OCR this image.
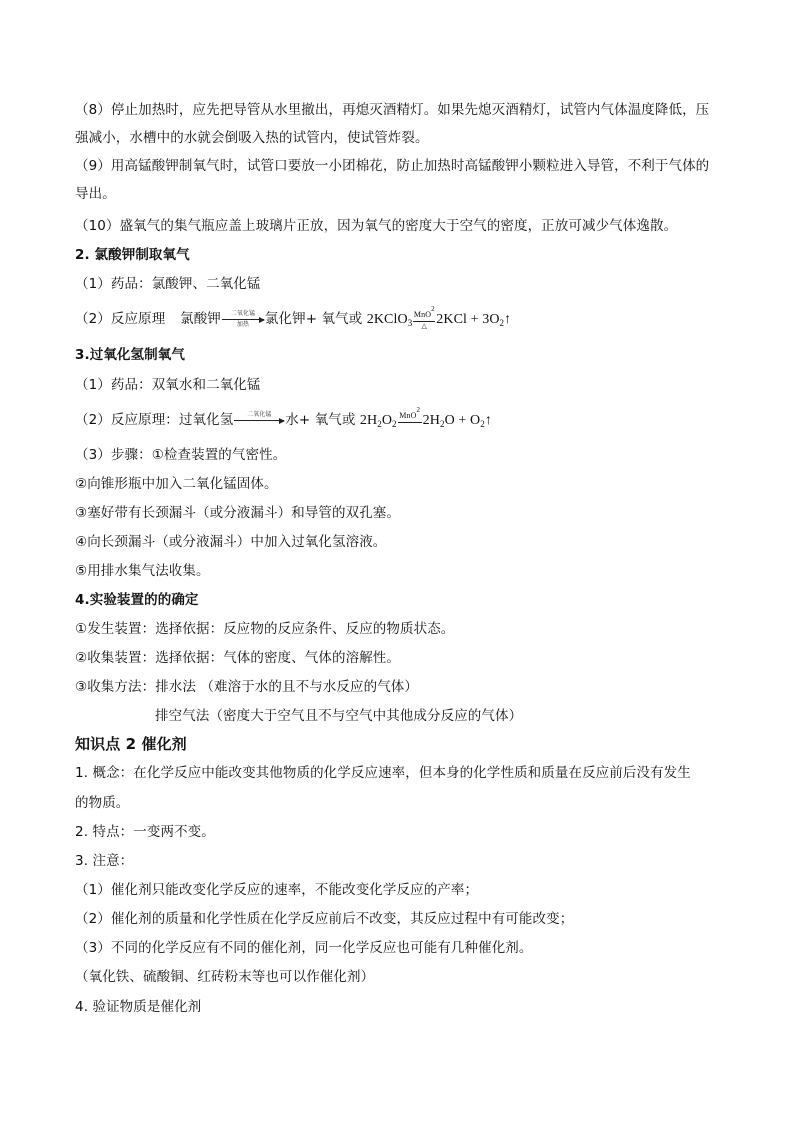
（8）停止加热时，应先把导管从水里撤出，再熄灭酒精灯。如果先熄灭酒精灯，试管内气体温度降低，压
强减小，水槽中的水就会倒吸入热的试管内，使试管炸裂。
（9）用高锰酸钾制氧气时，试管口要放一小团棉花，防止加热时高锰酸钾小颗粒进入导管，不利于气体的
导出。
（10）盛氧气的集气瓶应盖上玻璃片正放，因为氧气的密度大于空气的密度，正放可减少气体逸散。
2. 氯酸钾制取氧气
（1）药品：氯酸钾、二氧化锰
（2）反应原理 氯酸钾	二氧化锰
加热	氯化钾+ 氧气或 2KClO$_3$
MnO$^2$
△ $2KCl + 3O_2↑$
3.过氧化氢制氧气
（1）药品：双氧水和二氧化锰
（2）反应原理：过氧化氢	二氧化锰	水+ 氧气或 $2H_2O_2$
MnO$^2$
$2H_2O$ + $O_2↑$
（3）步骤：①检查装置的气密性。
②向锥形瓶中加入二氧化锰固体。
③塞好带有长颈漏斗（或分液漏斗）和导管的双孔塞。
④向长颈漏斗（或分液漏斗）中加入过氧化氢溶液。
⑤用排水集气法收集。
4.实验装置的的确定
①发生装置：选择依据：反应物的反应条件、反应的物质状态。
②收集装置：选择依据：气体的密度、气体的溶解性。
③收集方法：排水法 （难溶于水的且不与水反应的气体）
排空气法（密度大于空气且不与空气中其他成分反应的气体）
知识点 2 催化剂
1. 概念：在化学反应中能改变其他物质的化学反应速率，但本身的化学性质和质量在反应前后没有发生
的物质。
2. 特点：一变两不变。
3. 注意：
（1）催化剂只能改变化学反应的速率，不能改变化学反应的产率；
（2）催化剂的质量和化学性质在化学反应前后不改变，其反应过程中有可能改变；
（3）不同的化学反应有不同的催化剂，同一化学反应也可能有几种催化剂。
（氧化铁、硫酸铜、红砖粉末等也可以作催化剂）
4. 验证物质是催化剂
